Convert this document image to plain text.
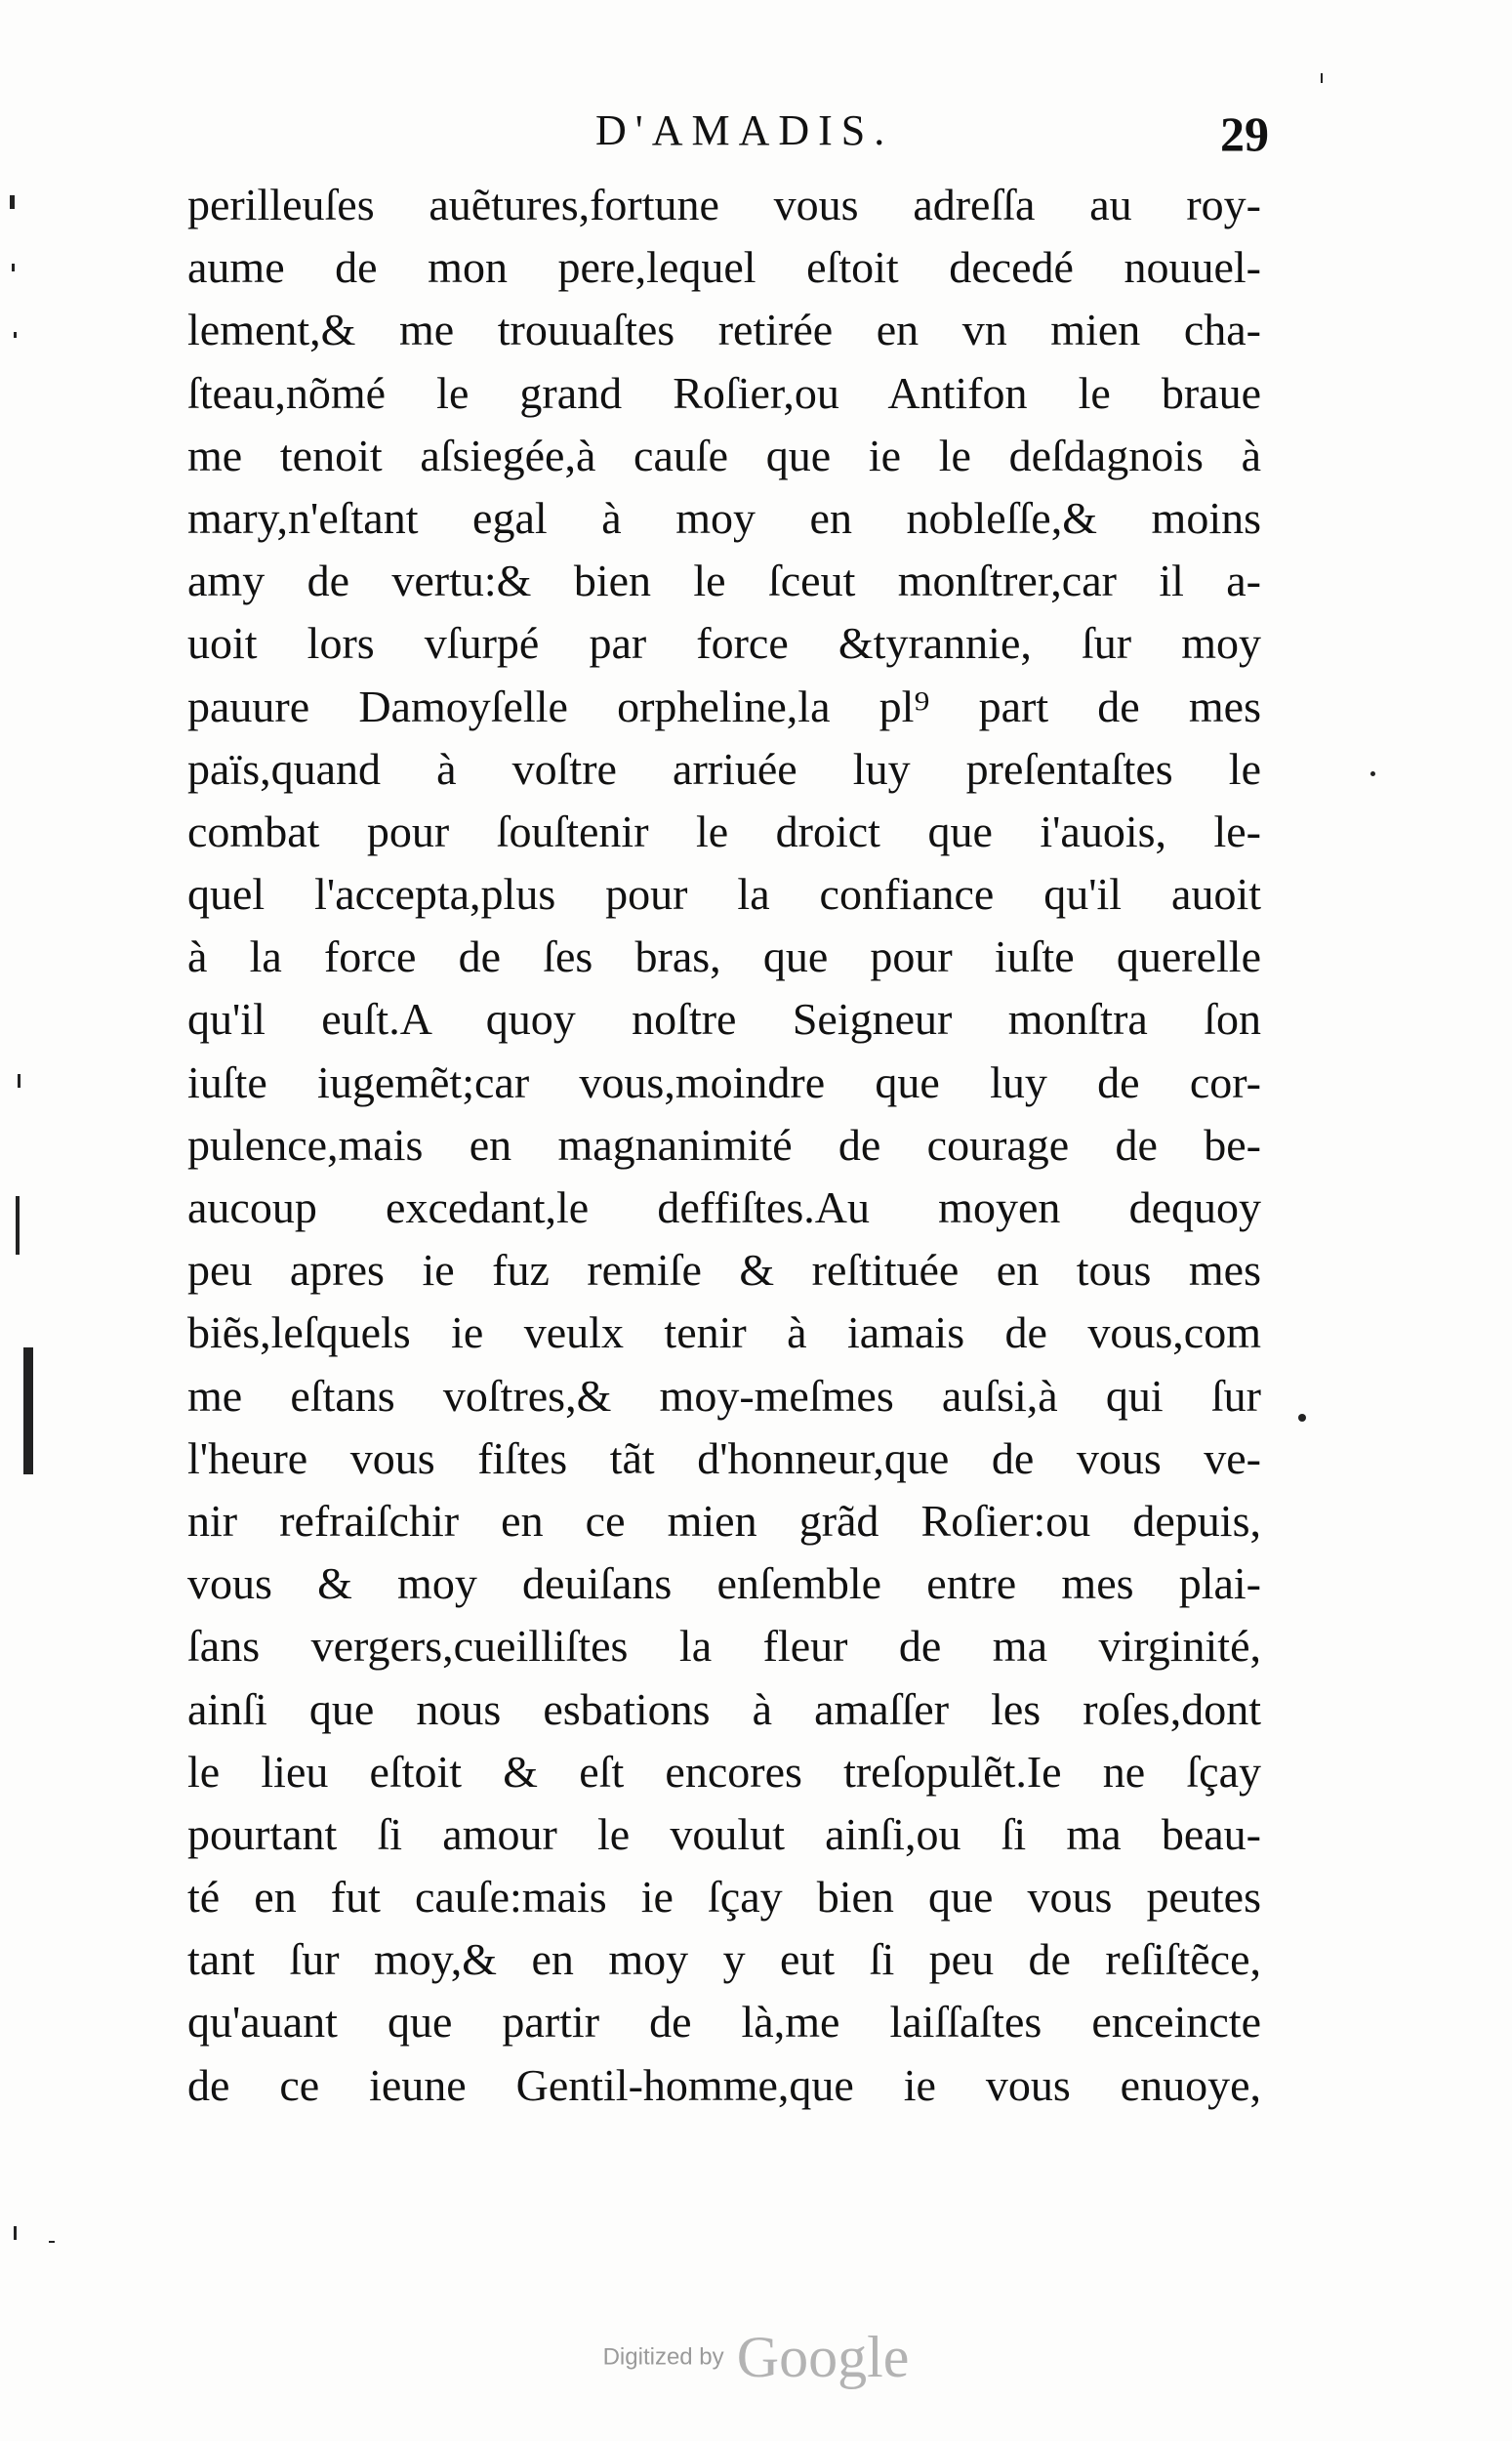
D'AMADIS.	29
perilleuſes auẽtures,fortune vous adreſſa au roy-
aume de mon pere,lequel eſtoit decedé nouuel-
lement,& me trouuaſtes retirée en vn mien cha-
ſteau,nõmé le grand Roſier,ou Antifon le braue
me tenoit aſsiegée,à cauſe que ie le deſdagnois à
mary,n'eſtant egal à moy en nobleſſe,& moins
amy de vertu:& bien le ſceut monſtrer,car il a-
uoit lors vſurpé par force &tyrannie, ſur moy
pauure Damoyſelle orpheline,la pl⁹ part de mes
païs,quand à voſtre arriuée luy preſentaſtes le
combat pour ſouſtenir le droict que i'auois, le-
quel l'accepta,plus pour la confiance qu'il auoit
à la force de ſes bras, que pour iuſte querelle
qu'il euſt.A quoy noſtre Seigneur monſtra ſon
iuſte iugemẽt;car vous,moindre que luy de cor-
pulence,mais en magnanimité de courage de be-
aucoup excedant,le deffiſtes.Au moyen dequoy
peu apres ie fuz remiſe & reſtituée en tous mes
biẽs,leſquels ie veulx tenir à iamais de vous,com
me eſtans voſtres,& moy-meſmes auſsi,à qui ſur
l'heure vous fiſtes tãt d'honneur,que de vous ve-
nir refraiſchir en ce mien grãd Roſier:ou depuis,
vous & moy deuiſans enſemble entre mes plai-
ſans vergers,cueilliſtes la fleur de ma virginité,
ainſi que nous esbations à amaſſer les roſes,dont
le lieu eſtoit & eſt encores treſopulẽt.Ie ne ſçay
pourtant ſi amour le voulut ainſi,ou ſi ma beau-
té en fut cauſe:mais ie ſçay bien que vous peutes
tant ſur moy,& en moy y eut ſi peu de reſiſtẽce,
qu'auant que partir de là,me laiſſaſtes enceincte
de ce ieune Gentil-homme,que ie vous enuoye,
Digitized by Google
